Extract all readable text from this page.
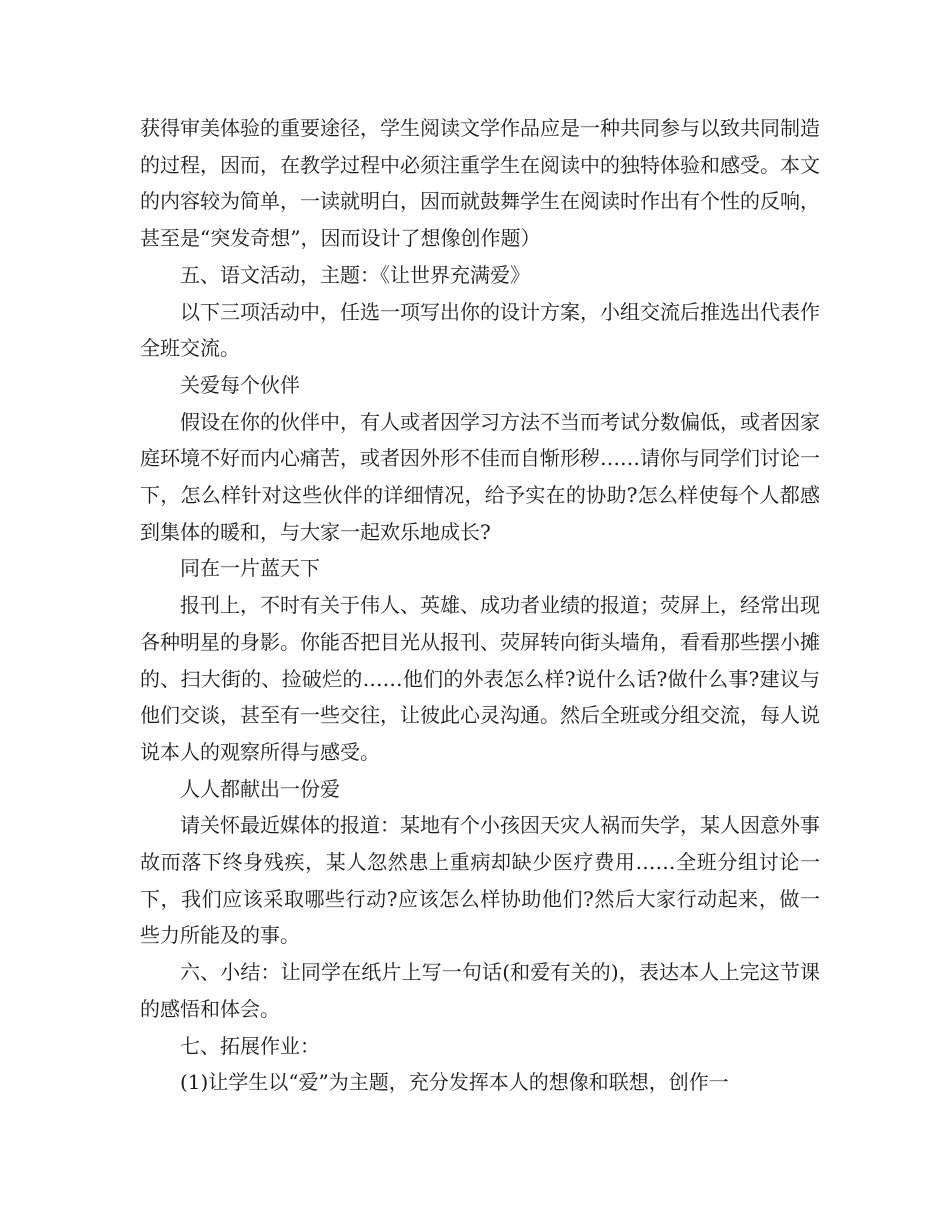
获得审美体验的重要途径，学生阅读文学作品应是一种共同参与以致共同制造的过程，因而，在教学过程中必须注重学生在阅读中的独特体验和感受。本文的内容较为简单，一读就明白，因而就鼓舞学生在阅读时作出有个性的反响，甚至是“突发奇想”，因而设计了想像创作题）

五、语文活动，主题：《让世界充满爱》

以下三项活动中，任选一项写出你的设计方案，小组交流后推选出代表作全班交流。

关爱每个伙伴

假设在你的伙伴中，有人或者因学习方法不当而考试分数偏低，或者因家庭环境不好而内心痛苦，或者因外形不佳而自惭形秽……请你与同学们讨论一下，怎么样针对这些伙伴的详细情况，给予实在的协助?怎么样使每个人都感到集体的暖和，与大家一起欢乐地成长?

同在一片蓝天下

报刊上，不时有关于伟人、英雄、成功者业绩的报道；荧屏上，经常出现各种明星的身影。你能否把目光从报刊、荧屏转向街头墙角，看看那些摆小摊的、扫大街的、捡破烂的……他们的外表怎么样?说什么话?做什么事?建议与他们交谈，甚至有一些交往，让彼此心灵沟通。然后全班或分组交流，每人说说本人的观察所得与感受。

人人都献出一份爱

请关怀最近媒体的报道：某地有个小孩因天灾人祸而失学，某人因意外事故而落下终身残疾，某人忽然患上重病却缺少医疗费用……全班分组讨论一下，我们应该采取哪些行动?应该怎么样协助他们?然后大家行动起来，做一些力所能及的事。

六、小结：让同学在纸片上写一句话(和爱有关的)，表达本人上完这节课的感悟和体会。

七、拓展作业：

(1)让学生以“爱”为主题，充分发挥本人的想像和联想，创作一
